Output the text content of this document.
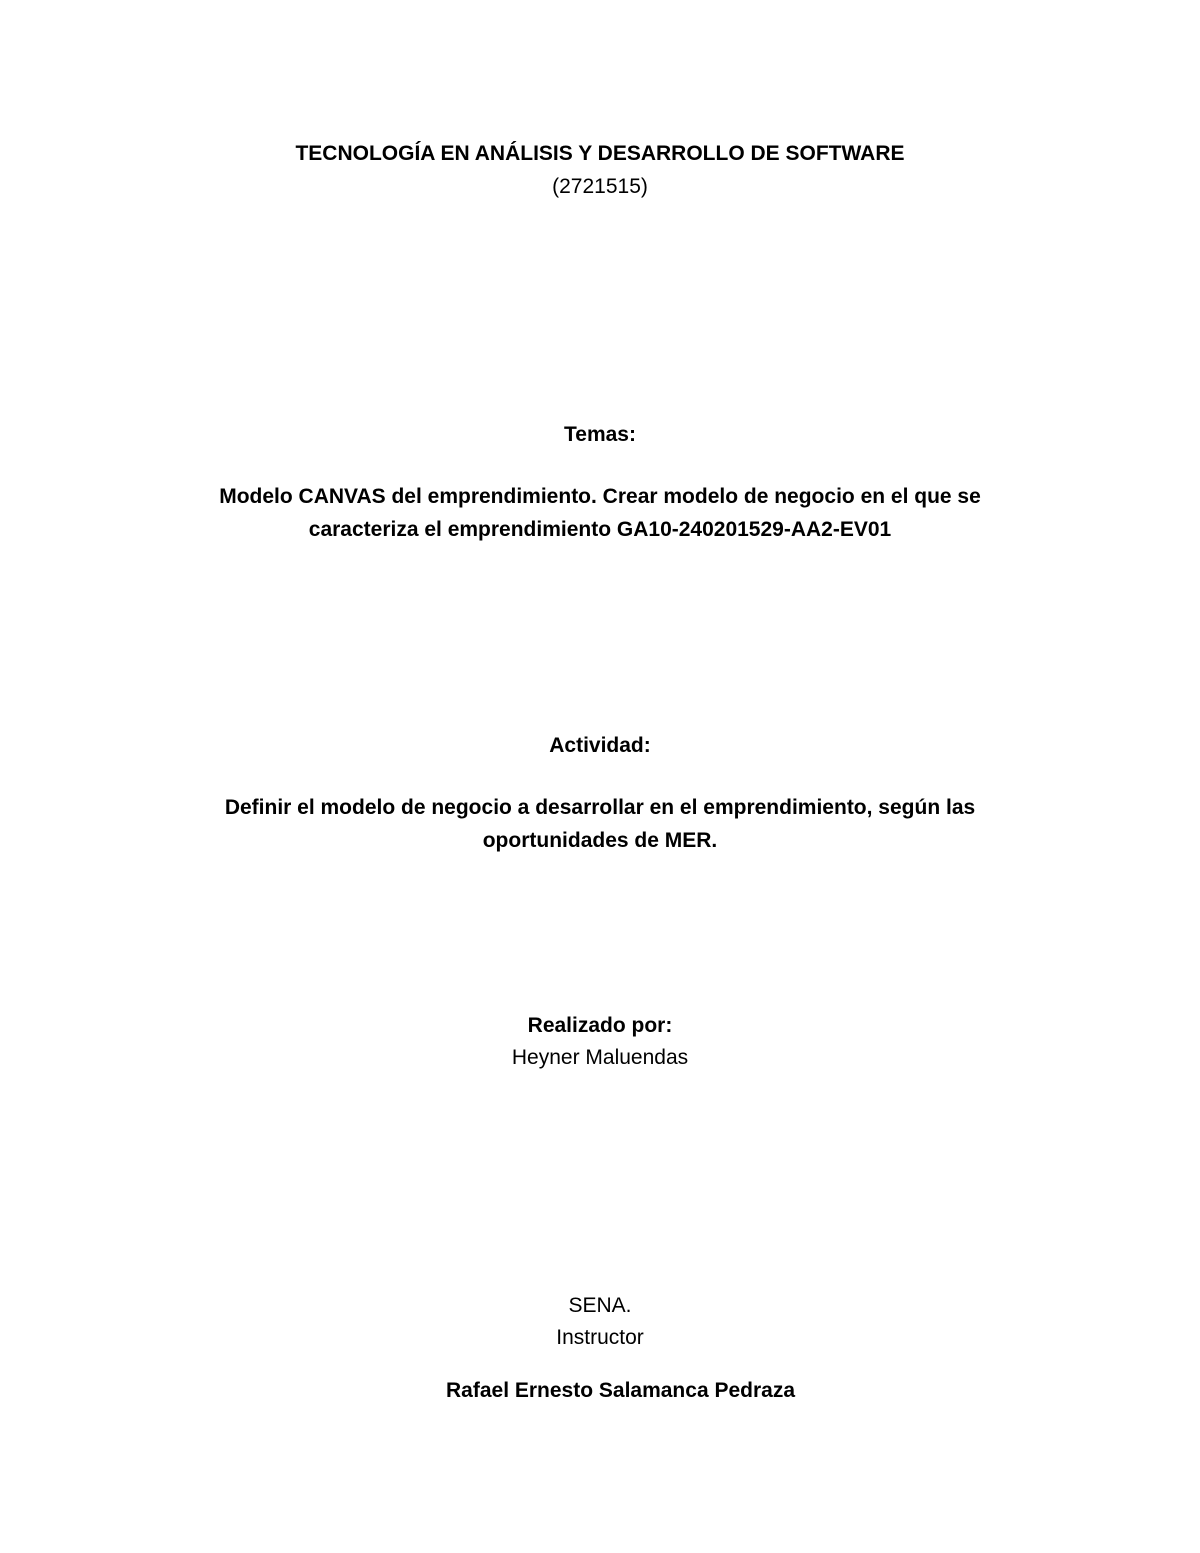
TECNOLOGÍA EN ANÁLISIS Y DESARROLLO DE SOFTWARE
(2721515)
Temas:
Modelo CANVAS del emprendimiento. Crear modelo de negocio en el que se
caracteriza el emprendimiento GA10-240201529-AA2-EV01
Actividad:
Definir el modelo de negocio a desarrollar en el emprendimiento, según las
oportunidades de MER.
Realizado por:
Heyner Maluendas
SENA.
Instructor
Rafael Ernesto Salamanca Pedraza
